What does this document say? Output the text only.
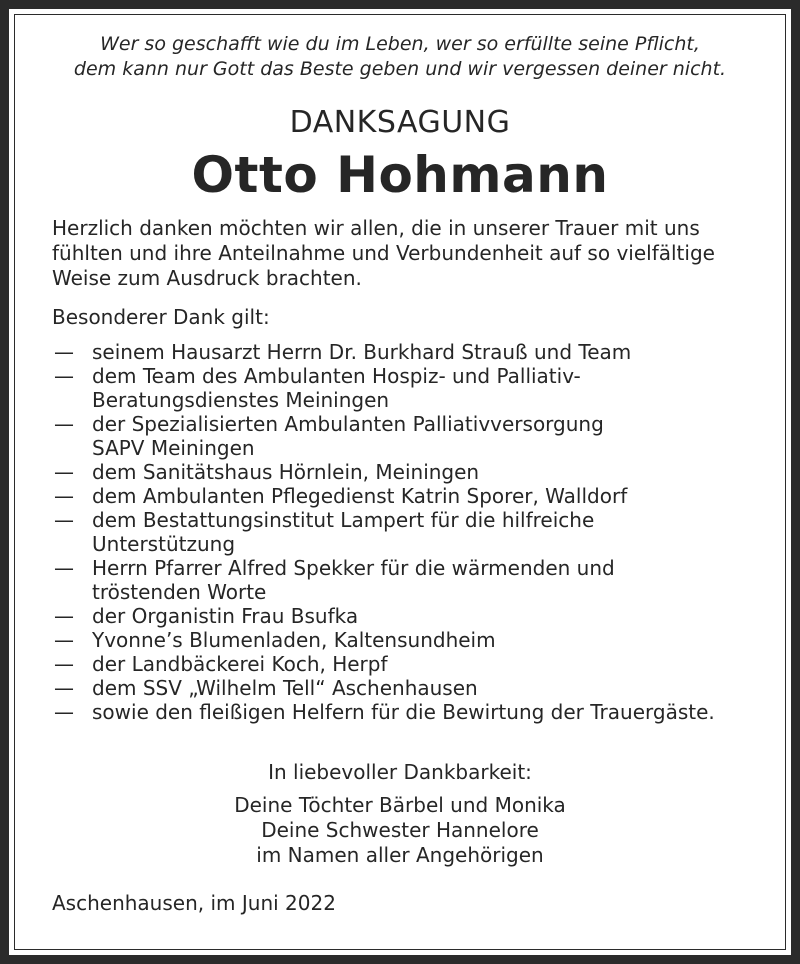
Wer so geschafft wie du im Leben, wer so erfüllte seine Pflicht,
dem kann nur Gott das Beste geben und wir vergessen deiner nicht.
DANKSAGUNG
Otto Hohmann
Herzlich danken möchten wir allen, die in unserer Trauer mit uns
fühlten und ihre Anteilnahme und Verbundenheit auf so vielfältige
Weise zum Ausdruck brachten.
Besonderer Dank gilt:
— seinem Hausarzt Herrn Dr. Burkhard Strauß und Team
— dem Team des Ambulanten Hospiz- und Palliativ-
Beratungsdienstes Meiningen
— der Spezialisierten Ambulanten Palliativversorgung
SAPV Meiningen
— dem Sanitätshaus Hörnlein, Meiningen
— dem Ambulanten Pflegedienst Katrin Sporer, Walldorf
— dem Bestattungsinstitut Lampert für die hilfreiche
Unterstützung
— Herrn Pfarrer Alfred Spekker für die wärmenden und
tröstenden Worte
— der Organistin Frau Bsufka
— Yvonne’s Blumenladen, Kaltensundheim
— der Landbäckerei Koch, Herpf
— dem SSV „Wilhelm Tell“ Aschenhausen
— sowie den fleißigen Helfern für die Bewirtung der Trauergäste.
In liebevoller Dankbarkeit:
Deine Töchter Bärbel und Monika
Deine Schwester Hannelore
im Namen aller Angehörigen
Aschenhausen, im Juni 2022
